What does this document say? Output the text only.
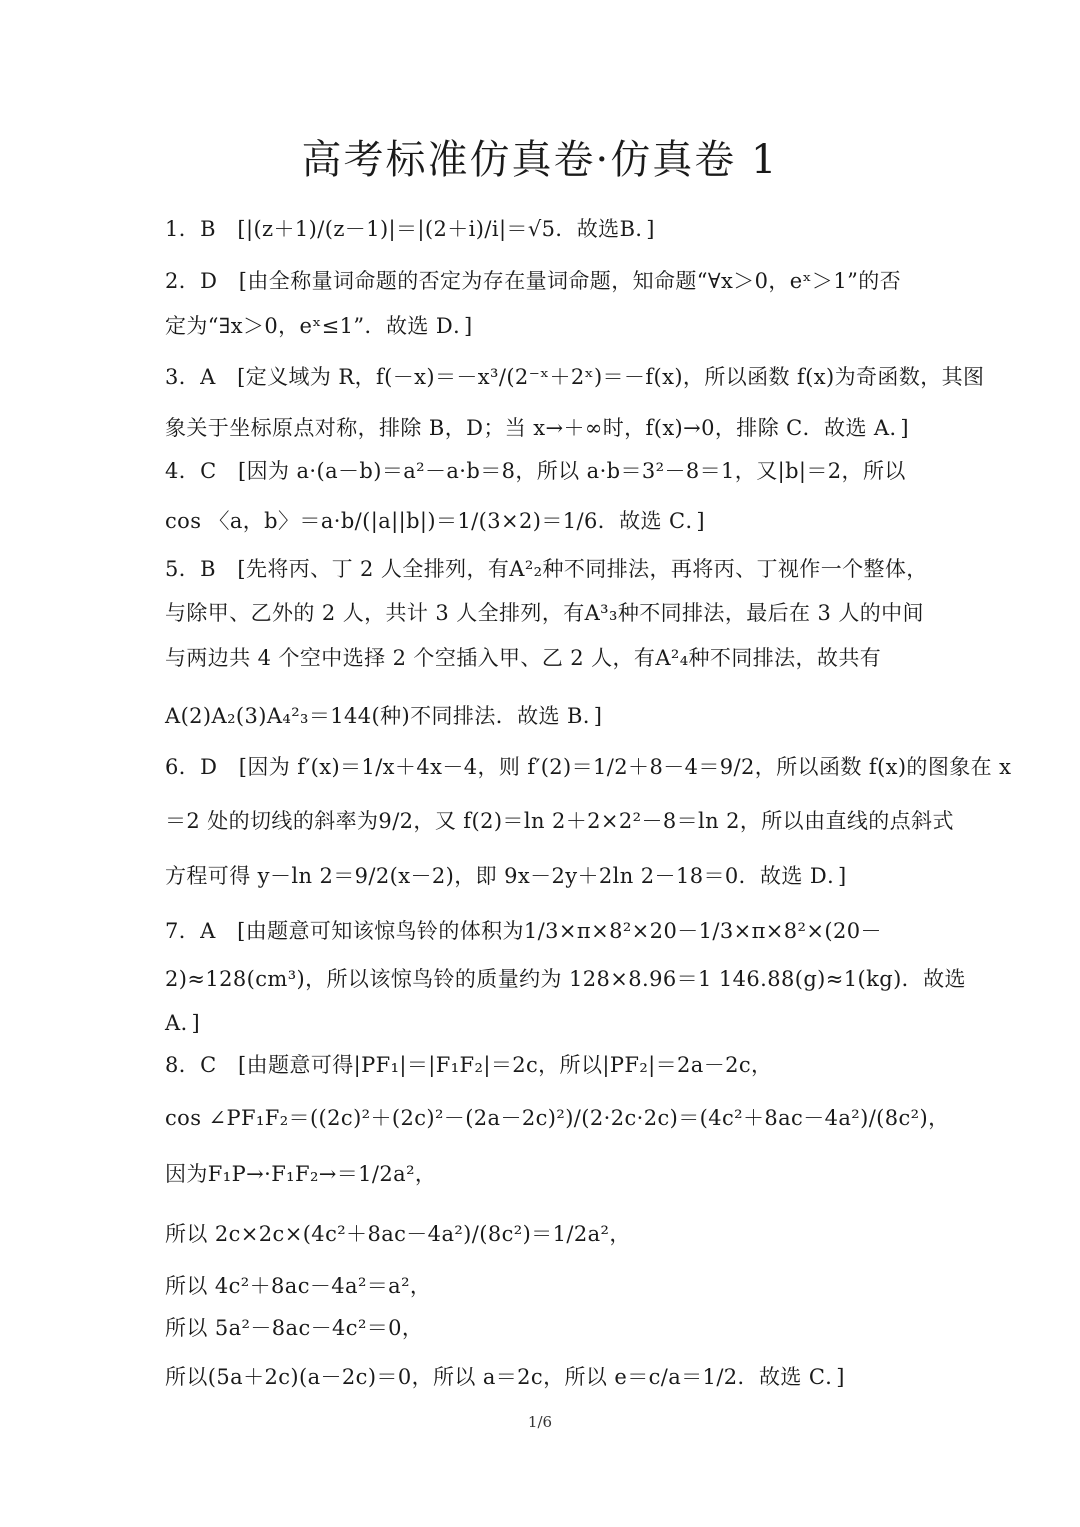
高考标准仿真卷·仿真卷 1
1．B　[|(z＋1)/(z－1)|＝|(2＋i)/i|＝√5．故选B．]
2．D　[由全称量词命题的否定为存在量词命题，知命题“∀x＞0，eˣ＞1”的否
定为“∃x＞0，eˣ≤1”．故选 D．]
3．A　[定义域为 R，f(－x)＝－x³/(2⁻ˣ＋2ˣ)＝－f(x)，所以函数 f(x)为奇函数，其图
象关于坐标原点对称，排除 B，D；当 x→＋∞时，f(x)→0，排除 C．故选 A．]
4．C　[因为 a·(a－b)＝a²－a·b＝8，所以 a·b＝3²－8＝1，又|b|＝2，所以
cos 〈a，b〉＝a·b/(|a||b|)＝1/(3×2)＝1/6．故选 C．]
5．B　[先将丙、丁 2 人全排列，有A²₂种不同排法，再将丙、丁视作一个整体，
与除甲、乙外的 2 人，共计 3 人全排列，有A³₃种不同排法，最后在 3 人的中间
与两边共 4 个空中选择 2 个空插入甲、乙 2 人，有A²₄种不同排法，故共有
A(2)A₂(3)A₄²₃＝144(种)不同排法．故选 B．]
6．D　[因为 f′(x)＝1/x＋4x－4，则 f′(2)＝1/2＋8－4＝9/2，所以函数 f(x)的图象在 x
＝2 处的切线的斜率为9/2，又 f(2)＝ln 2＋2×2²－8＝ln 2，所以由直线的点斜式
方程可得 y－ln 2＝9/2(x－2)，即 9x－2y＋2ln 2－18＝0．故选 D．]
7．A　[由题意可知该惊鸟铃的体积为1/3×π×8²×20－1/3×π×8²×(20－
2)≈128(cm³)，所以该惊鸟铃的质量约为 128×8.96＝1 146.88(g)≈1(kg)．故选
A．]
8．C　[由题意可得|PF₁|＝|F₁F₂|＝2c，所以|PF₂|＝2a－2c，
cos ∠PF₁F₂＝((2c)²＋(2c)²－(2a－2c)²)/(2·2c·2c)＝(4c²＋8ac－4a²)/(8c²)，
因为F₁P→·F₁F₂→＝1/2a²，
所以 2c×2c×(4c²＋8ac－4a²)/(8c²)＝1/2a²，
所以 4c²＋8ac－4a²＝a²，
所以 5a²－8ac－4c²＝0，
所以(5a＋2c)(a－2c)＝0，所以 a＝2c，所以 e＝c/a＝1/2．故选 C．]
1/6
